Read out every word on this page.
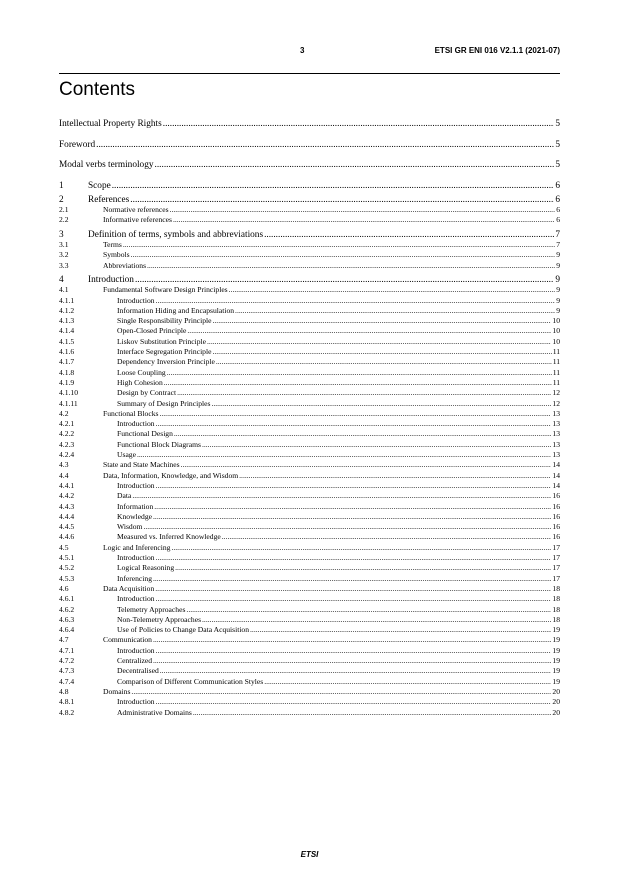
3	ETSI GR ENI 016 V2.1.1 (2021-07)
Contents
Intellectual Property Rights .....	5
Foreword .....	5
Modal verbs terminology .....	5
1	Scope .....	6
2	References .....	6
2.1	Normative references .....	6
2.2	Informative references .....	6
3	Definition of terms, symbols and abbreviations .....	7
3.1	Terms .....	7
3.2	Symbols .....	9
3.3	Abbreviations .....	9
4	Introduction .....	9
4.1	Fundamental Software Design Principles .....	9
4.1.1	Introduction .....	9
4.1.2	Information Hiding and Encapsulation .....	9
4.1.3	Single Responsibility Principle .....	10
4.1.4	Open-Closed Principle .....	10
4.1.5	Liskov Substitution Principle .....	10
4.1.6	Interface Segregation Principle .....	11
4.1.7	Dependency Inversion Principle .....	11
4.1.8	Loose Coupling .....	11
4.1.9	High Cohesion .....	11
4.1.10	Design by Contract .....	12
4.1.11	Summary of Design Principles .....	12
4.2	Functional Blocks .....	13
4.2.1	Introduction .....	13
4.2.2	Functional Design .....	13
4.2.3	Functional Block Diagrams .....	13
4.2.4	Usage .....	13
4.3	State and State Machines .....	14
4.4	Data, Information, Knowledge, and Wisdom .....	14
4.4.1	Introduction .....	14
4.4.2	Data .....	16
4.4.3	Information .....	16
4.4.4	Knowledge .....	16
4.4.5	Wisdom .....	16
4.4.6	Measured vs. Inferred Knowledge .....	16
4.5	Logic and Inferencing .....	17
4.5.1	Introduction .....	17
4.5.2	Logical Reasoning .....	17
4.5.3	Inferencing .....	17
4.6	Data Acquisition .....	18
4.6.1	Introduction .....	18
4.6.2	Telemetry Approaches .....	18
4.6.3	Non-Telemetry Approaches .....	18
4.6.4	Use of Policies to Change Data Acquisition .....	19
4.7	Communication .....	19
4.7.1	Introduction .....	19
4.7.2	Centralized .....	19
4.7.3	Decentralised .....	19
4.7.4	Comparison of Different Communication Styles .....	19
4.8	Domains .....	20
4.8.1	Introduction .....	20
4.8.2	Administrative Domains .....	20
ETSI
